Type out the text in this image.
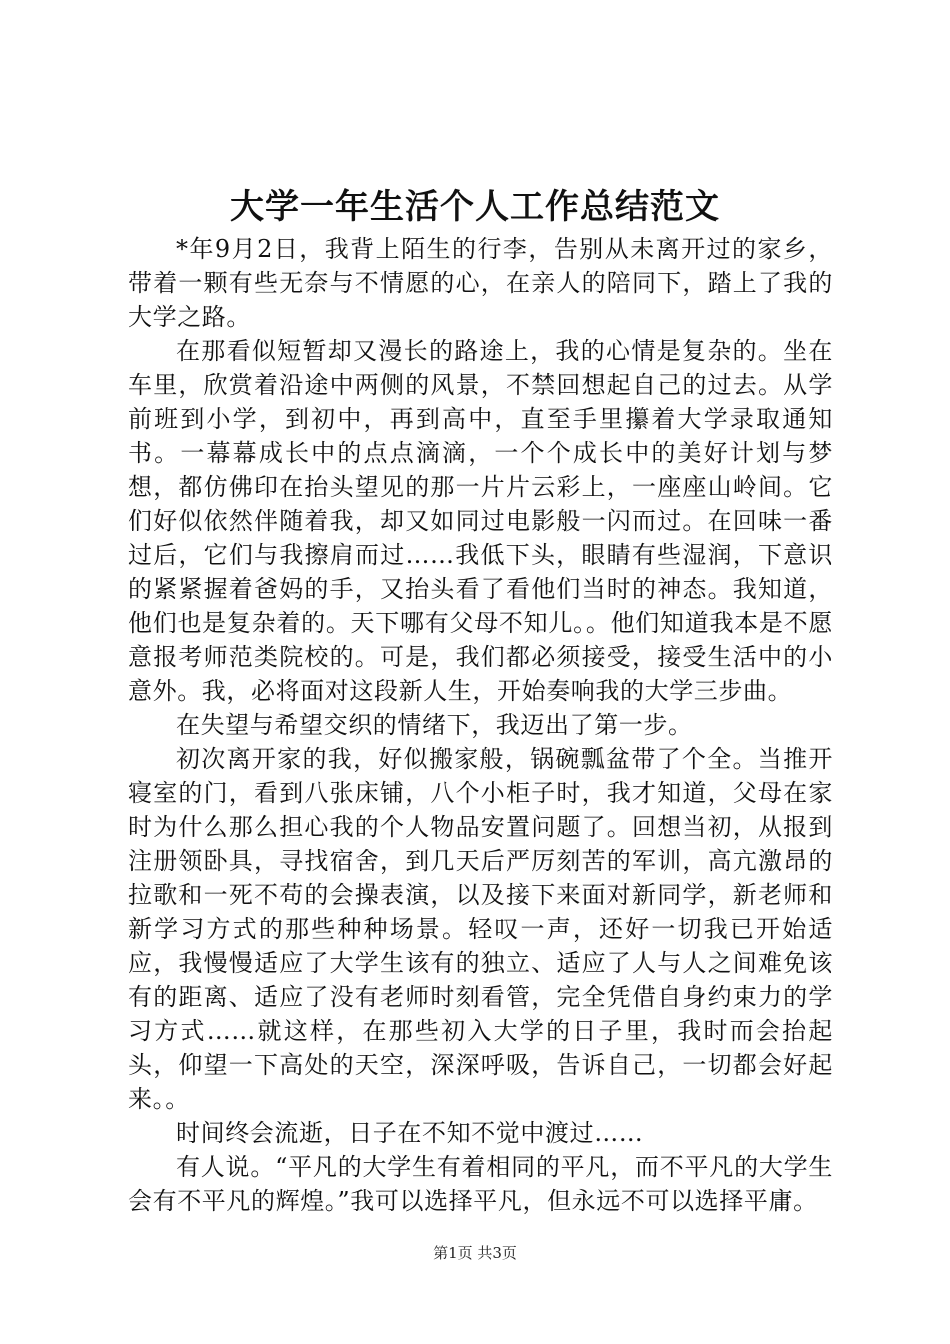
大学一年生活个人工作总结范文

*年9月2日，我背上陌生的行李，告别从未离开过的家乡，带着一颗有些无奈与不情愿的心，在亲人的陪同下，踏上了我的大学之路。

在那看似短暂却又漫长的路途上，我的心情是复杂的。坐在车里，欣赏着沿途中两侧的风景，不禁回想起自己的过去。从学前班到小学，到初中，再到高中，直至手里攥着大学录取通知书。一幕幕成长中的点点滴滴，一个个成长中的美好计划与梦想，都仿佛印在抬头望见的那一片片云彩上，一座座山岭间。它们好似依然伴随着我，却又如同过电影般一闪而过。在回味一番过后，它们与我擦肩而过……我低下头，眼睛有些湿润，下意识的紧紧握着爸妈的手，又抬头看了看他们当时的神态。我知道，他们也是复杂着的。天下哪有父母不知儿。。他们知道我本是不愿意报考师范类院校的。可是，我们都必须接受，接受生活中的小意外。我，必将面对这段新人生，开始奏响我的大学三步曲。

在失望与希望交织的情绪下，我迈出了第一步。

初次离开家的我，好似搬家般，锅碗瓢盆带了个全。当推开寝室的门，看到八张床铺，八个小柜子时，我才知道，父母在家时为什么那么担心我的个人物品安置问题了。回想当初，从报到注册领卧具，寻找宿舍，到几天后严厉刻苦的军训，高亢激昂的拉歌和一死不苟的会操表演，以及接下来面对新同学，新老师和新学习方式的那些种种场景。轻叹一声，还好一切我已开始适应，我慢慢适应了大学生该有的独立、适应了人与人之间难免该有的距离、适应了没有老师时刻看管，完全凭借自身约束力的学习方式……就这样，在那些初入大学的日子里，我时而会抬起头，仰望一下高处的天空，深深呼吸，告诉自己，一切都会好起来。。

时间终会流逝，日子在不知不觉中渡过……

有人说。“平凡的大学生有着相同的平凡，而不平凡的大学生会有不平凡的辉煌。”我可以选择平凡，但永远不可以选择平庸。

第1页 共3页
